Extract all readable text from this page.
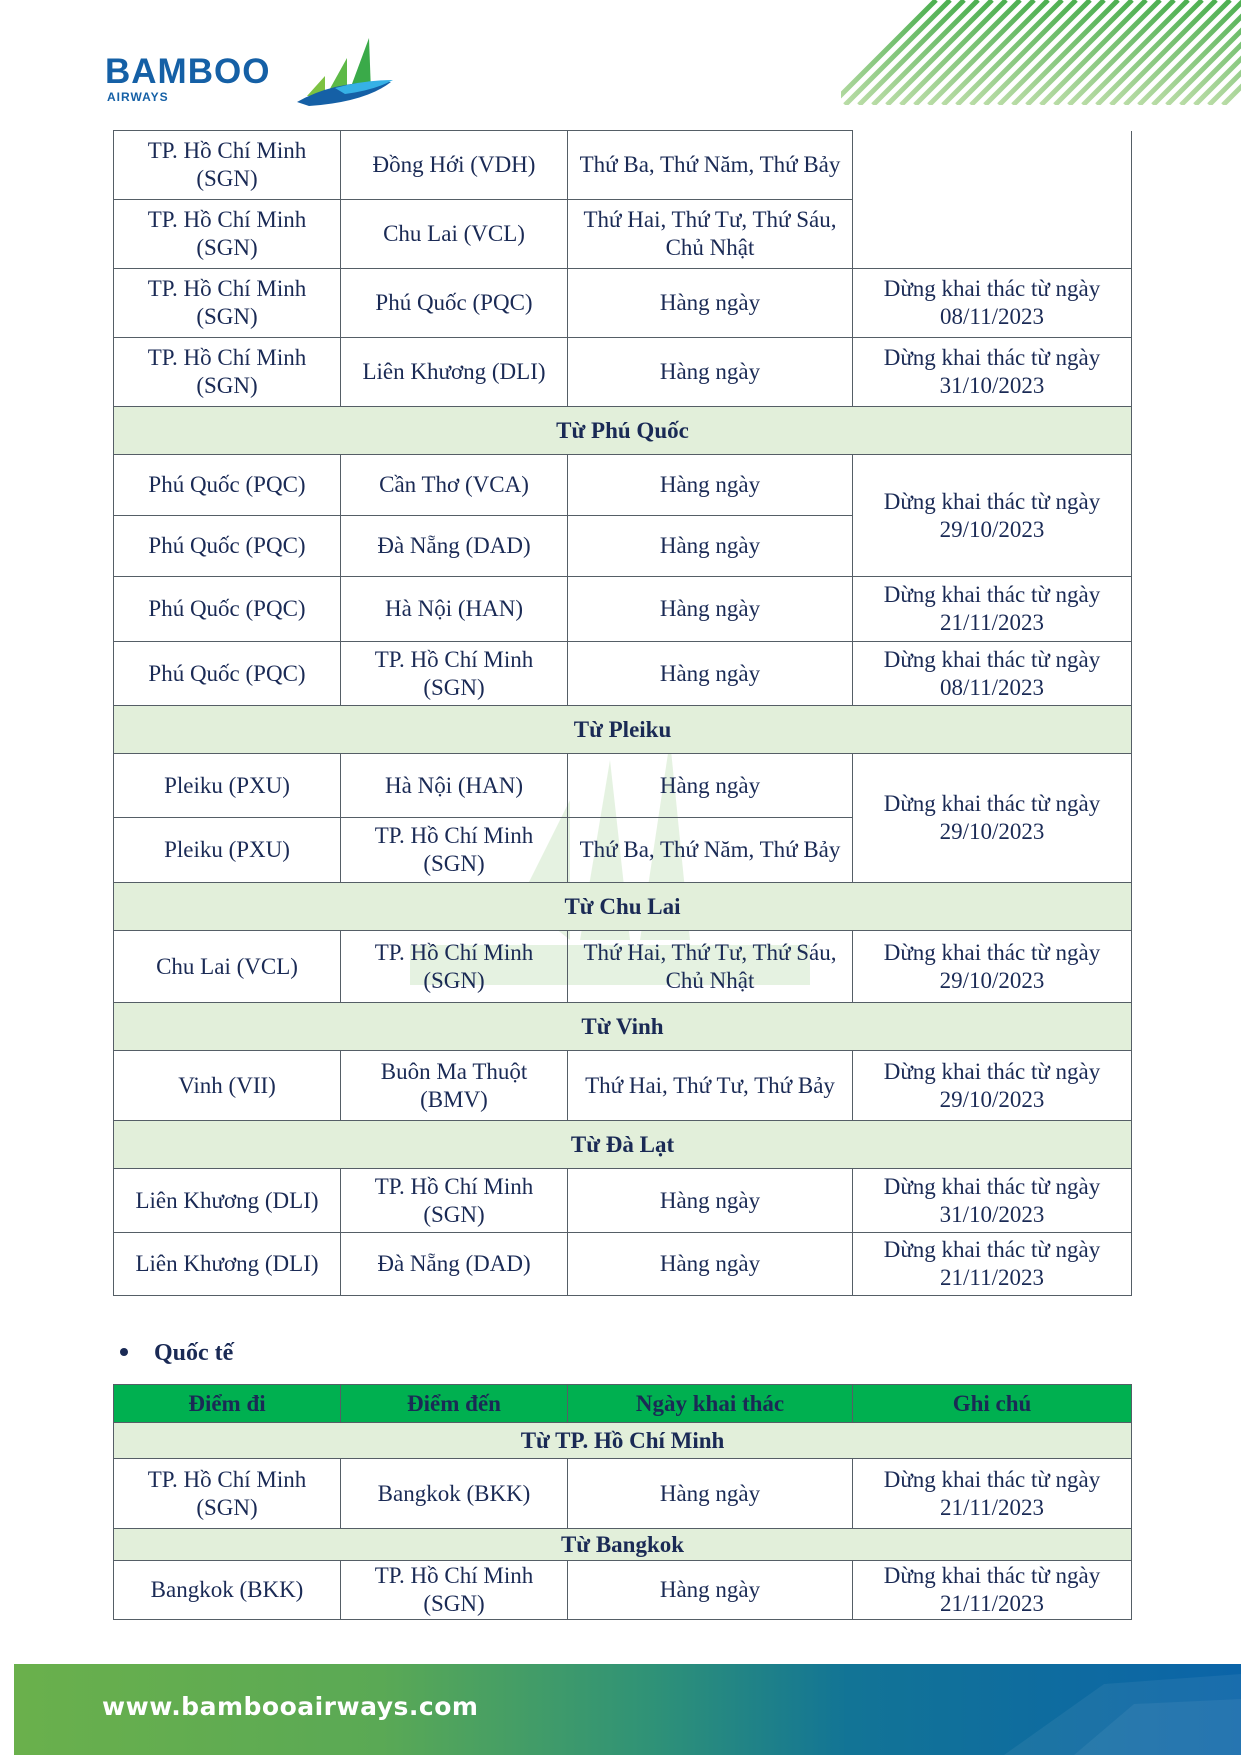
BAMBOO
AIRWAYS
TP. Hồ Chí Minh (SGN)	Đồng Hới (VDH)	Thứ Ba, Thứ Năm, Thứ Bảy	
TP. Hồ Chí Minh (SGN)	Chu Lai (VCL)	Thứ Hai, Thứ Tư, Thứ Sáu, Chủ Nhật	
TP. Hồ Chí Minh (SGN)	Phú Quốc (PQC)	Hàng ngày	Dừng khai thác từ ngày 08/11/2023
TP. Hồ Chí Minh (SGN)	Liên Khương (DLI)	Hàng ngày	Dừng khai thác từ ngày 31/10/2023
Từ Phú Quốc			
Phú Quốc (PQC)	Cần Thơ (VCA)	Hàng ngày	Dừng khai thác từ ngày 29/10/2023
Phú Quốc (PQC)	Đà Nẵng (DAD)	Hàng ngày	
Phú Quốc (PQC)	Hà Nội (HAN)	Hàng ngày	Dừng khai thác từ ngày 21/11/2023
Phú Quốc (PQC)	TP. Hồ Chí Minh (SGN)	Hàng ngày	Dừng khai thác từ ngày 08/11/2023
Từ Pleiku			
Pleiku (PXU)	Hà Nội (HAN)	Hàng ngày	Dừng khai thác từ ngày 29/10/2023
Pleiku (PXU)	TP. Hồ Chí Minh (SGN)	Thứ Ba, Thứ Năm, Thứ Bảy	
Từ Chu Lai			
Chu Lai (VCL)	TP. Hồ Chí Minh (SGN)	Thứ Hai, Thứ Tư, Thứ Sáu, Chủ Nhật	Dừng khai thác từ ngày 29/10/2023
Từ Vinh			
Vinh (VII)	Buôn Ma Thuột (BMV)	Thứ Hai, Thứ Tư, Thứ Bảy	Dừng khai thác từ ngày 29/10/2023
Từ Đà Lạt			
Liên Khương (DLI)	TP. Hồ Chí Minh (SGN)	Hàng ngày	Dừng khai thác từ ngày 31/10/2023
Liên Khương (DLI)	Đà Nẵng (DAD)	Hàng ngày	Dừng khai thác từ ngày 21/11/2023
Quốc tế
Điểm đi	Điểm đến	Ngày khai thác	Ghi chú
Từ TP. Hồ Chí Minh			
TP. Hồ Chí Minh (SGN)	Bangkok (BKK)	Hàng ngày	Dừng khai thác từ ngày 21/11/2023
Từ Bangkok			
Bangkok (BKK)	TP. Hồ Chí Minh (SGN)	Hàng ngày	Dừng khai thác từ ngày 21/11/2023
www.bambooairways.com
